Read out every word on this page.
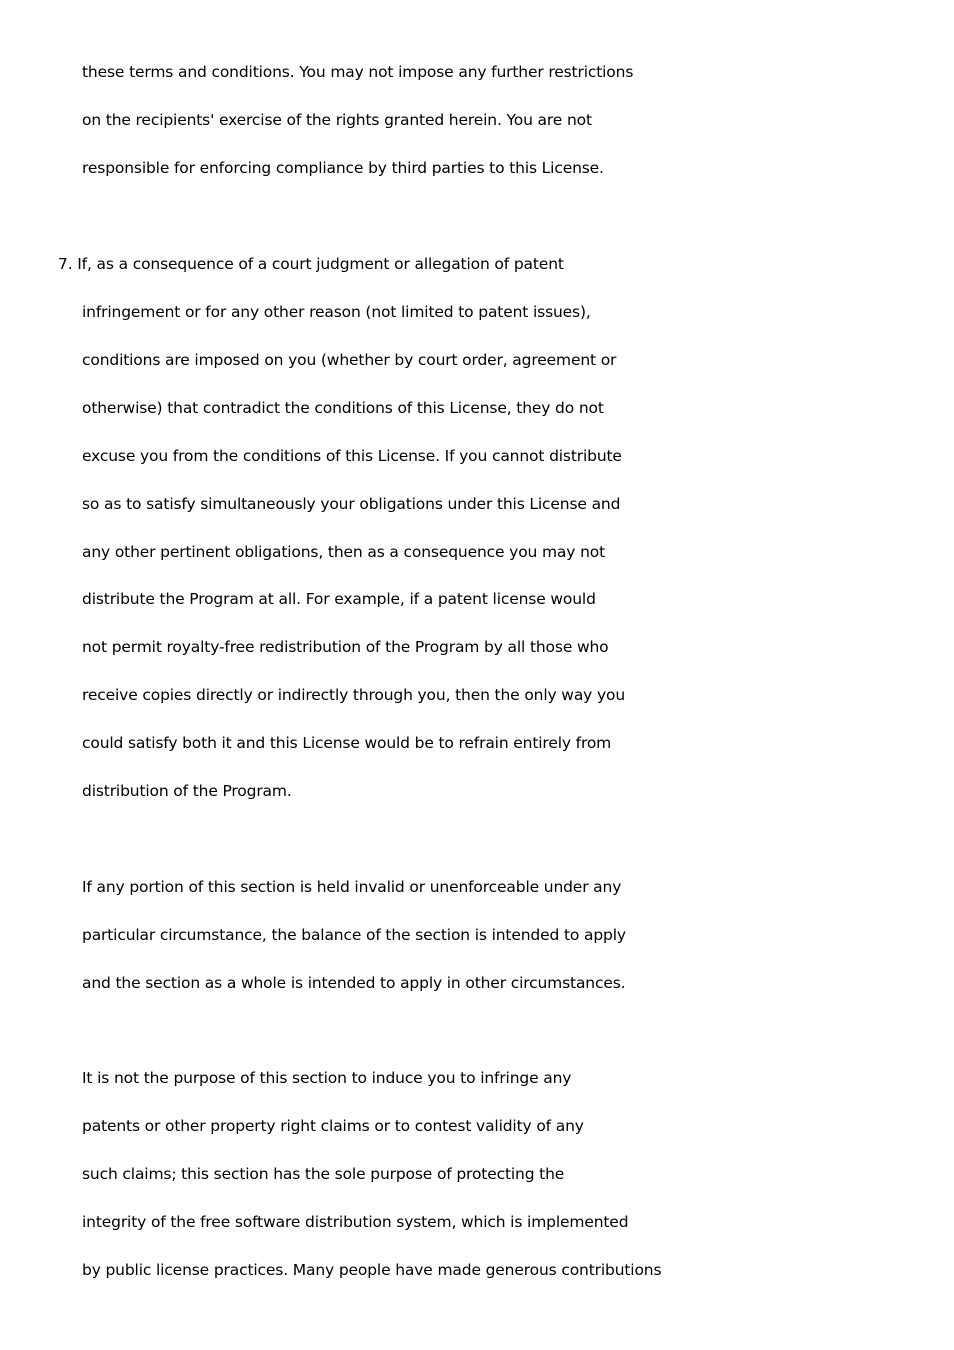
these terms and conditions. You may not impose any further restrictions
on the recipients' exercise of the rights granted herein. You are not
responsible for enforcing compliance by third parties to this License.
7. If, as a consequence of a court judgment or allegation of patent
infringement or for any other reason (not limited to patent issues),
conditions are imposed on you (whether by court order, agreement or
otherwise) that contradict the conditions of this License, they do not
excuse you from the conditions of this License. If you cannot distribute
so as to satisfy simultaneously your obligations under this License and
any other pertinent obligations, then as a consequence you may not
distribute the Program at all. For example, if a patent license would
not permit royalty-free redistribution of the Program by all those who
receive copies directly or indirectly through you, then the only way you
could satisfy both it and this License would be to refrain entirely from
distribution of the Program.
If any portion of this section is held invalid or unenforceable under any
particular circumstance, the balance of the section is intended to apply
and the section as a whole is intended to apply in other circumstances.
It is not the purpose of this section to induce you to infringe any
patents or other property right claims or to contest validity of any
such claims; this section has the sole purpose of protecting the
integrity of the free software distribution system, which is implemented
by public license practices. Many people have made generous contributions
